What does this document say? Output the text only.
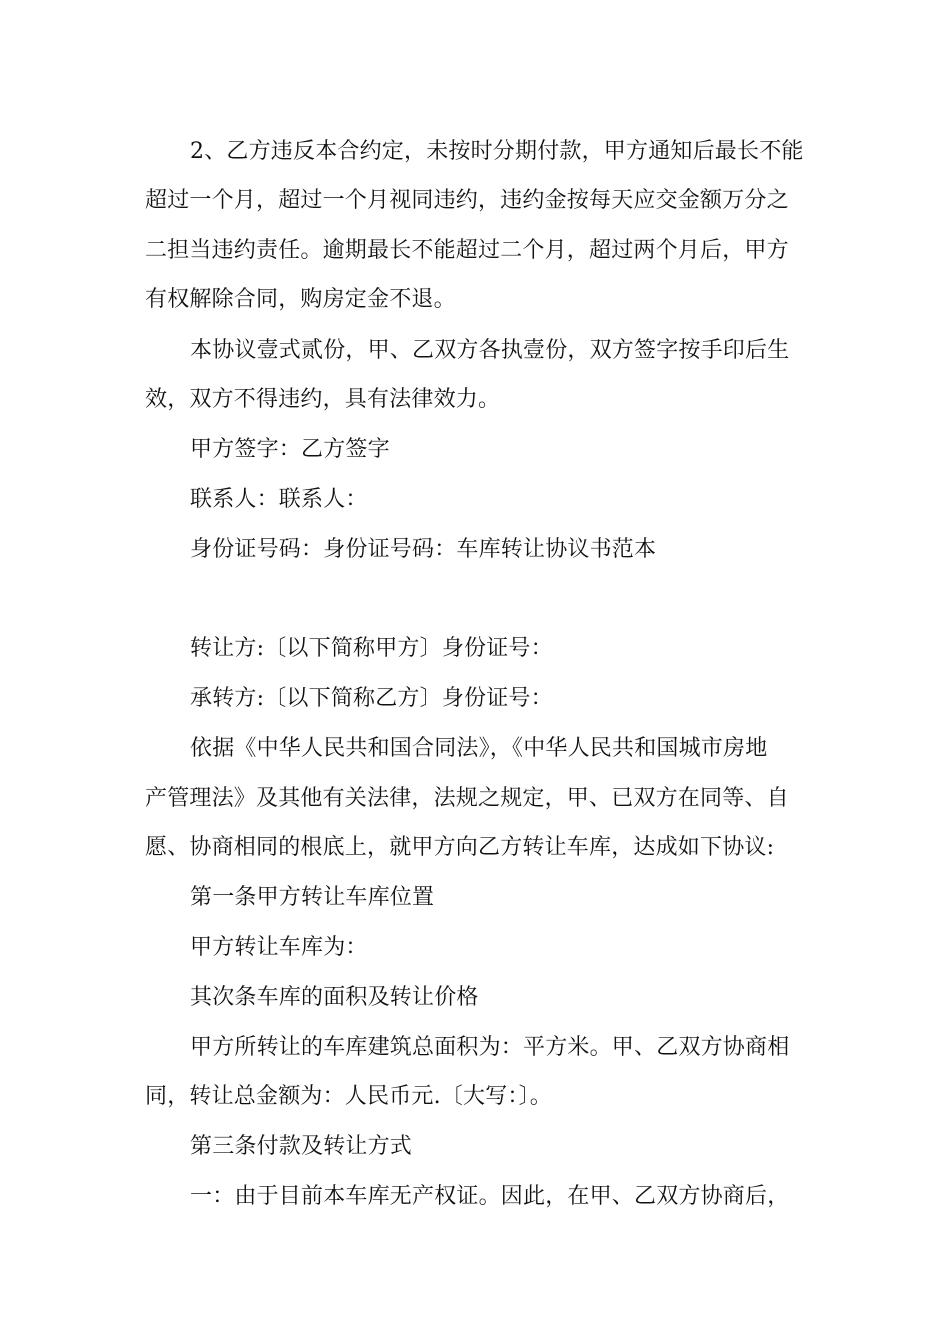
2、乙方违反本合约定，未按时分期付款，甲方通知后最长不能
超过一个月，超过一个月视同违约，违约金按每天应交金额万分之
二担当违约责任。逾期最长不能超过二个月，超过两个月后，甲方
有权解除合同，购房定金不退。
本协议壹式贰份，甲、乙双方各执壹份，双方签字按手印后生
效，双方不得违约，具有法律效力。
甲方签字：乙方签字
联系人：联系人：
身份证号码：身份证号码：车库转让协议书范本
转让方:〔以下简称甲方〕身份证号：
承转方:〔以下简称乙方〕身份证号：
依据《中华人民共和国合同法》，《中华人民共和国城市房地
产管理法》及其他有关法律，法规之规定，甲、已双方在同等、自
愿、协商相同的根底上，就甲方向乙方转让车库，达成如下协议:
第一条甲方转让车库位置
甲方转让车库为：
其次条车库的面积及转让价格
甲方所转让的车库建筑总面积为：平方米。甲、乙双方协商相
同，转让总金额为：人民币元.〔大写：〕。
第三条付款及转让方式
一：由于目前本车库无产权证。因此，在甲、乙双方协商后，
